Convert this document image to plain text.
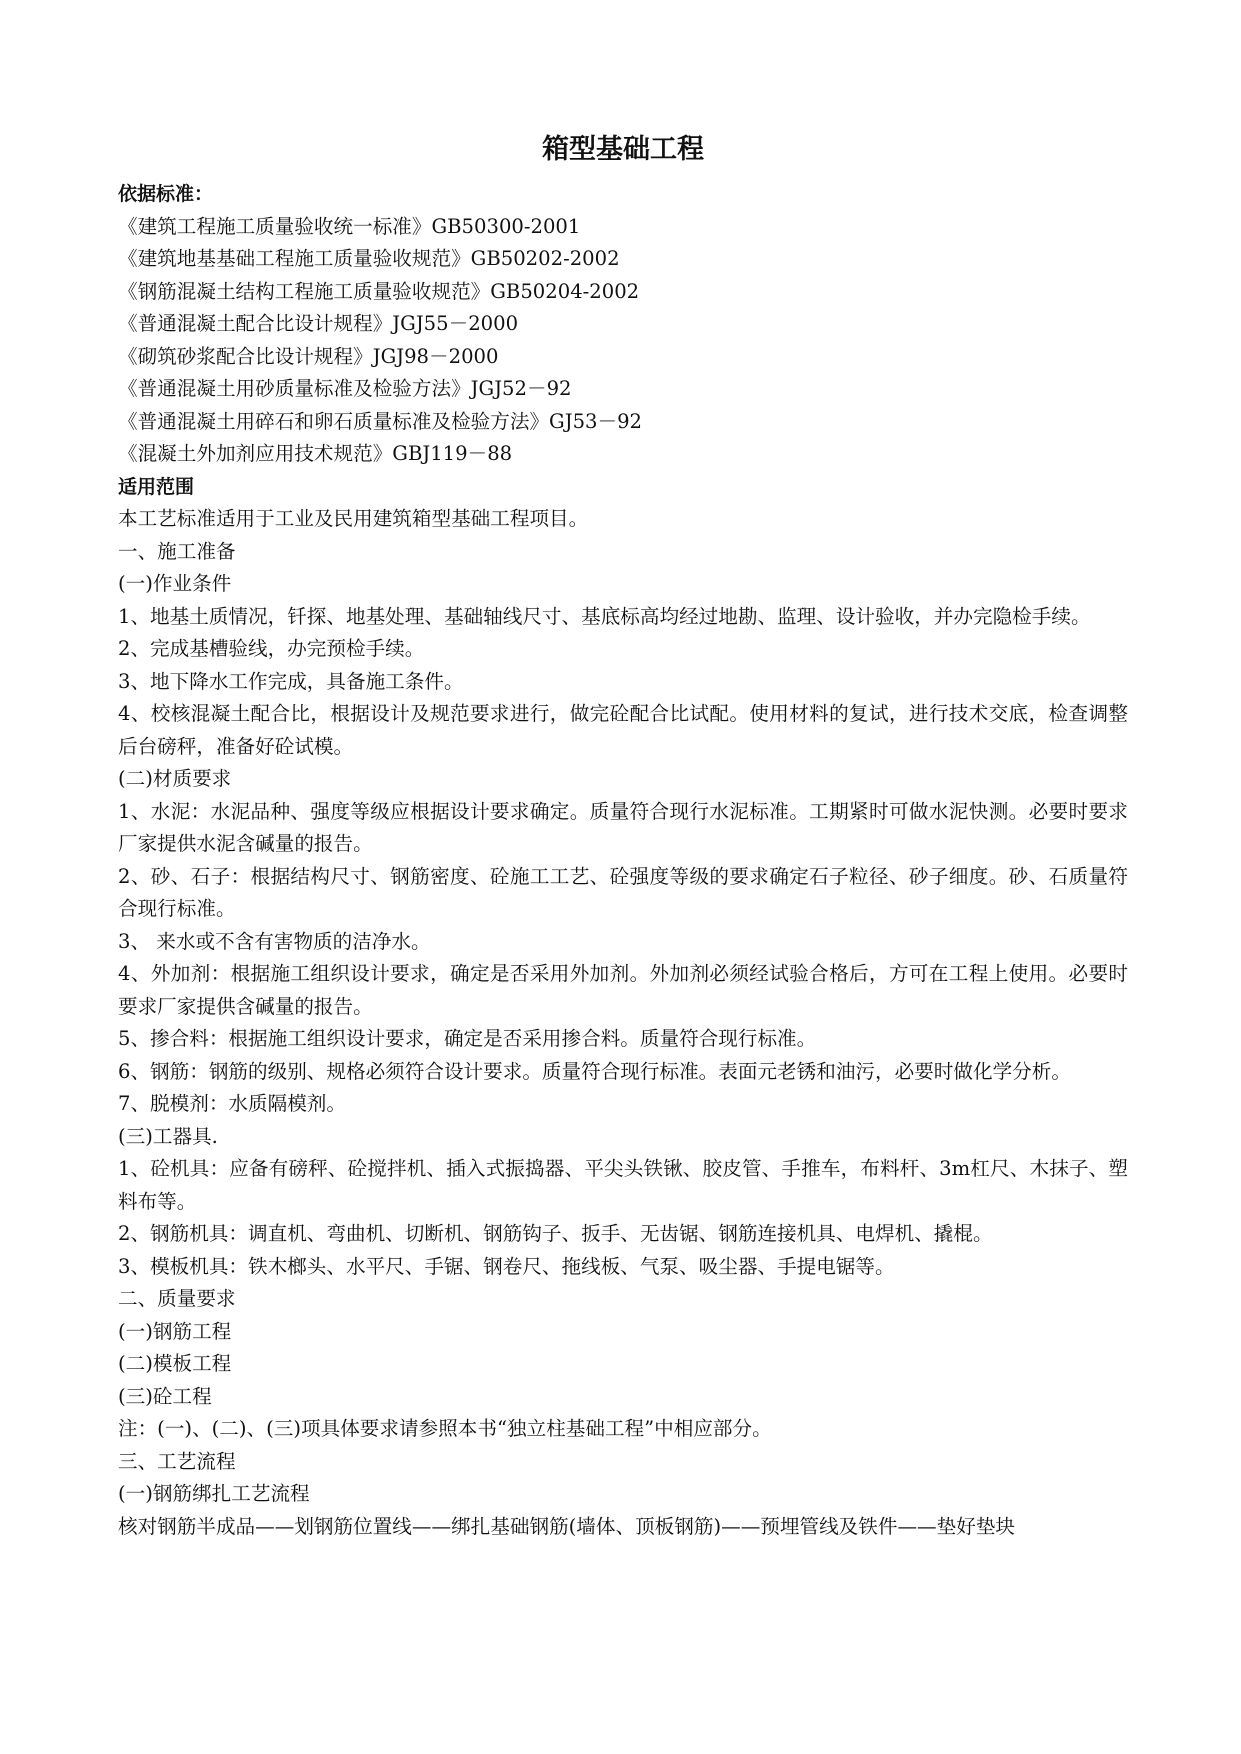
箱型基础工程
依据标准：
《建筑工程施工质量验收统一标准》GB50300-2001
《建筑地基基础工程施工质量验收规范》GB50202-2002
《钢筋混凝土结构工程施工质量验收规范》GB50204-2002
《普通混凝土配合比设计规程》JGJ55－2000
《砌筑砂浆配合比设计规程》JGJ98－2000
《普通混凝土用砂质量标准及检验方法》JGJ52－92
《普通混凝土用碎石和卵石质量标准及检验方法》GJ53－92
《混凝土外加剂应用技术规范》GBJ119－88
适用范围
本工艺标准适用于工业及民用建筑箱型基础工程项目。
一、施工准备
(一)作业条件
1、地基土质情况，钎探、地基处理、基础轴线尺寸、基底标高均经过地勘、监理、设计验收，并办完隐检手续。
2、完成基槽验线，办完预检手续。
3、地下降水工作完成，具备施工条件。
4、校核混凝土配合比，根据设计及规范要求进行，做完砼配合比试配。使用材料的复试，进行技术交底，检查调整后台磅秤，准备好砼试模。
(二)材质要求
1、水泥：水泥品种、强度等级应根据设计要求确定。质量符合现行水泥标准。工期紧时可做水泥快测。必要时要求厂家提供水泥含碱量的报告。
2、砂、石子：根据结构尺寸、钢筋密度、砼施工工艺、砼强度等级的要求确定石子粒径、砂子细度。砂、石质量符合现行标准。
3、 来水或不含有害物质的洁净水。
4、外加剂：根据施工组织设计要求，确定是否采用外加剂。外加剂必须经试验合格后，方可在工程上使用。必要时要求厂家提供含碱量的报告。
5、掺合料：根据施工组织设计要求，确定是否采用掺合料。质量符合现行标准。
6、钢筋：钢筋的级别、规格必须符合设计要求。质量符合现行标准。表面元老锈和油污，必要时做化学分析。
7、脱模剂：水质隔模剂。
(三)工器具.
1、砼机具：应备有磅秤、砼搅拌机、插入式振捣器、平尖头铁锹、胶皮管、手推车，布料杆、3m杠尺、木抹子、塑料布等。
2、钢筋机具：调直机、弯曲机、切断机、钢筋钩子、扳手、无齿锯、钢筋连接机具、电焊机、撬棍。
3、模板机具：铁木榔头、水平尺、手锯、钢卷尺、拖线板、气泵、吸尘器、手提电锯等。
二、质量要求
(一)钢筋工程
(二)模板工程
(三)砼工程
注：(一)、(二)、(三)项具体要求请参照本书“独立柱基础工程”中相应部分。
三、工艺流程
(一)钢筋绑扎工艺流程
核对钢筋半成品——划钢筋位置线——绑扎基础钢筋(墙体、顶板钢筋)——预埋管线及铁件——垫好垫块
